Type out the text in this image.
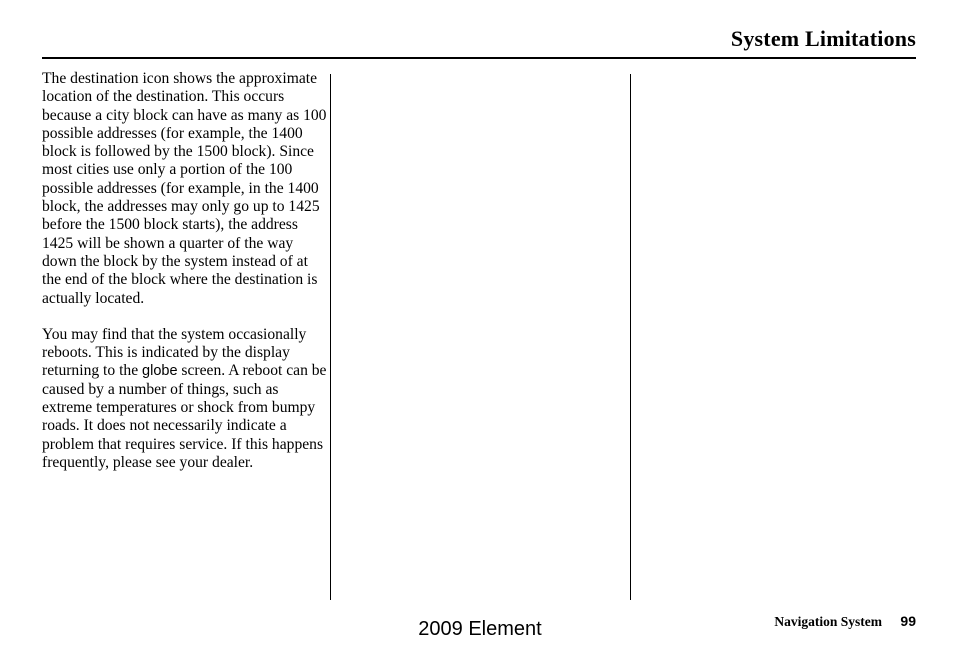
System Limitations

The destination icon shows the approximate location of the destination. This occurs because a city block can have as many as 100 possible addresses (for example, the 1400 block is followed by the 1500 block). Since most cities use only a portion of the 100 possible addresses (for example, in the 1400 block, the addresses may only go up to 1425 before the 1500 block starts), the address 1425 will be shown a quarter of the way down the block by the system instead of at the end of the block where the destination is actually located.

You may find that the system occasionally reboots. This is indicated by the display returning to the globe screen. A reboot can be caused by a number of things, such as extreme temperatures or shock from bumpy roads. It does not necessarily indicate a problem that requires service. If this happens frequently, please see your dealer.

Navigation System 99
2009 Element
